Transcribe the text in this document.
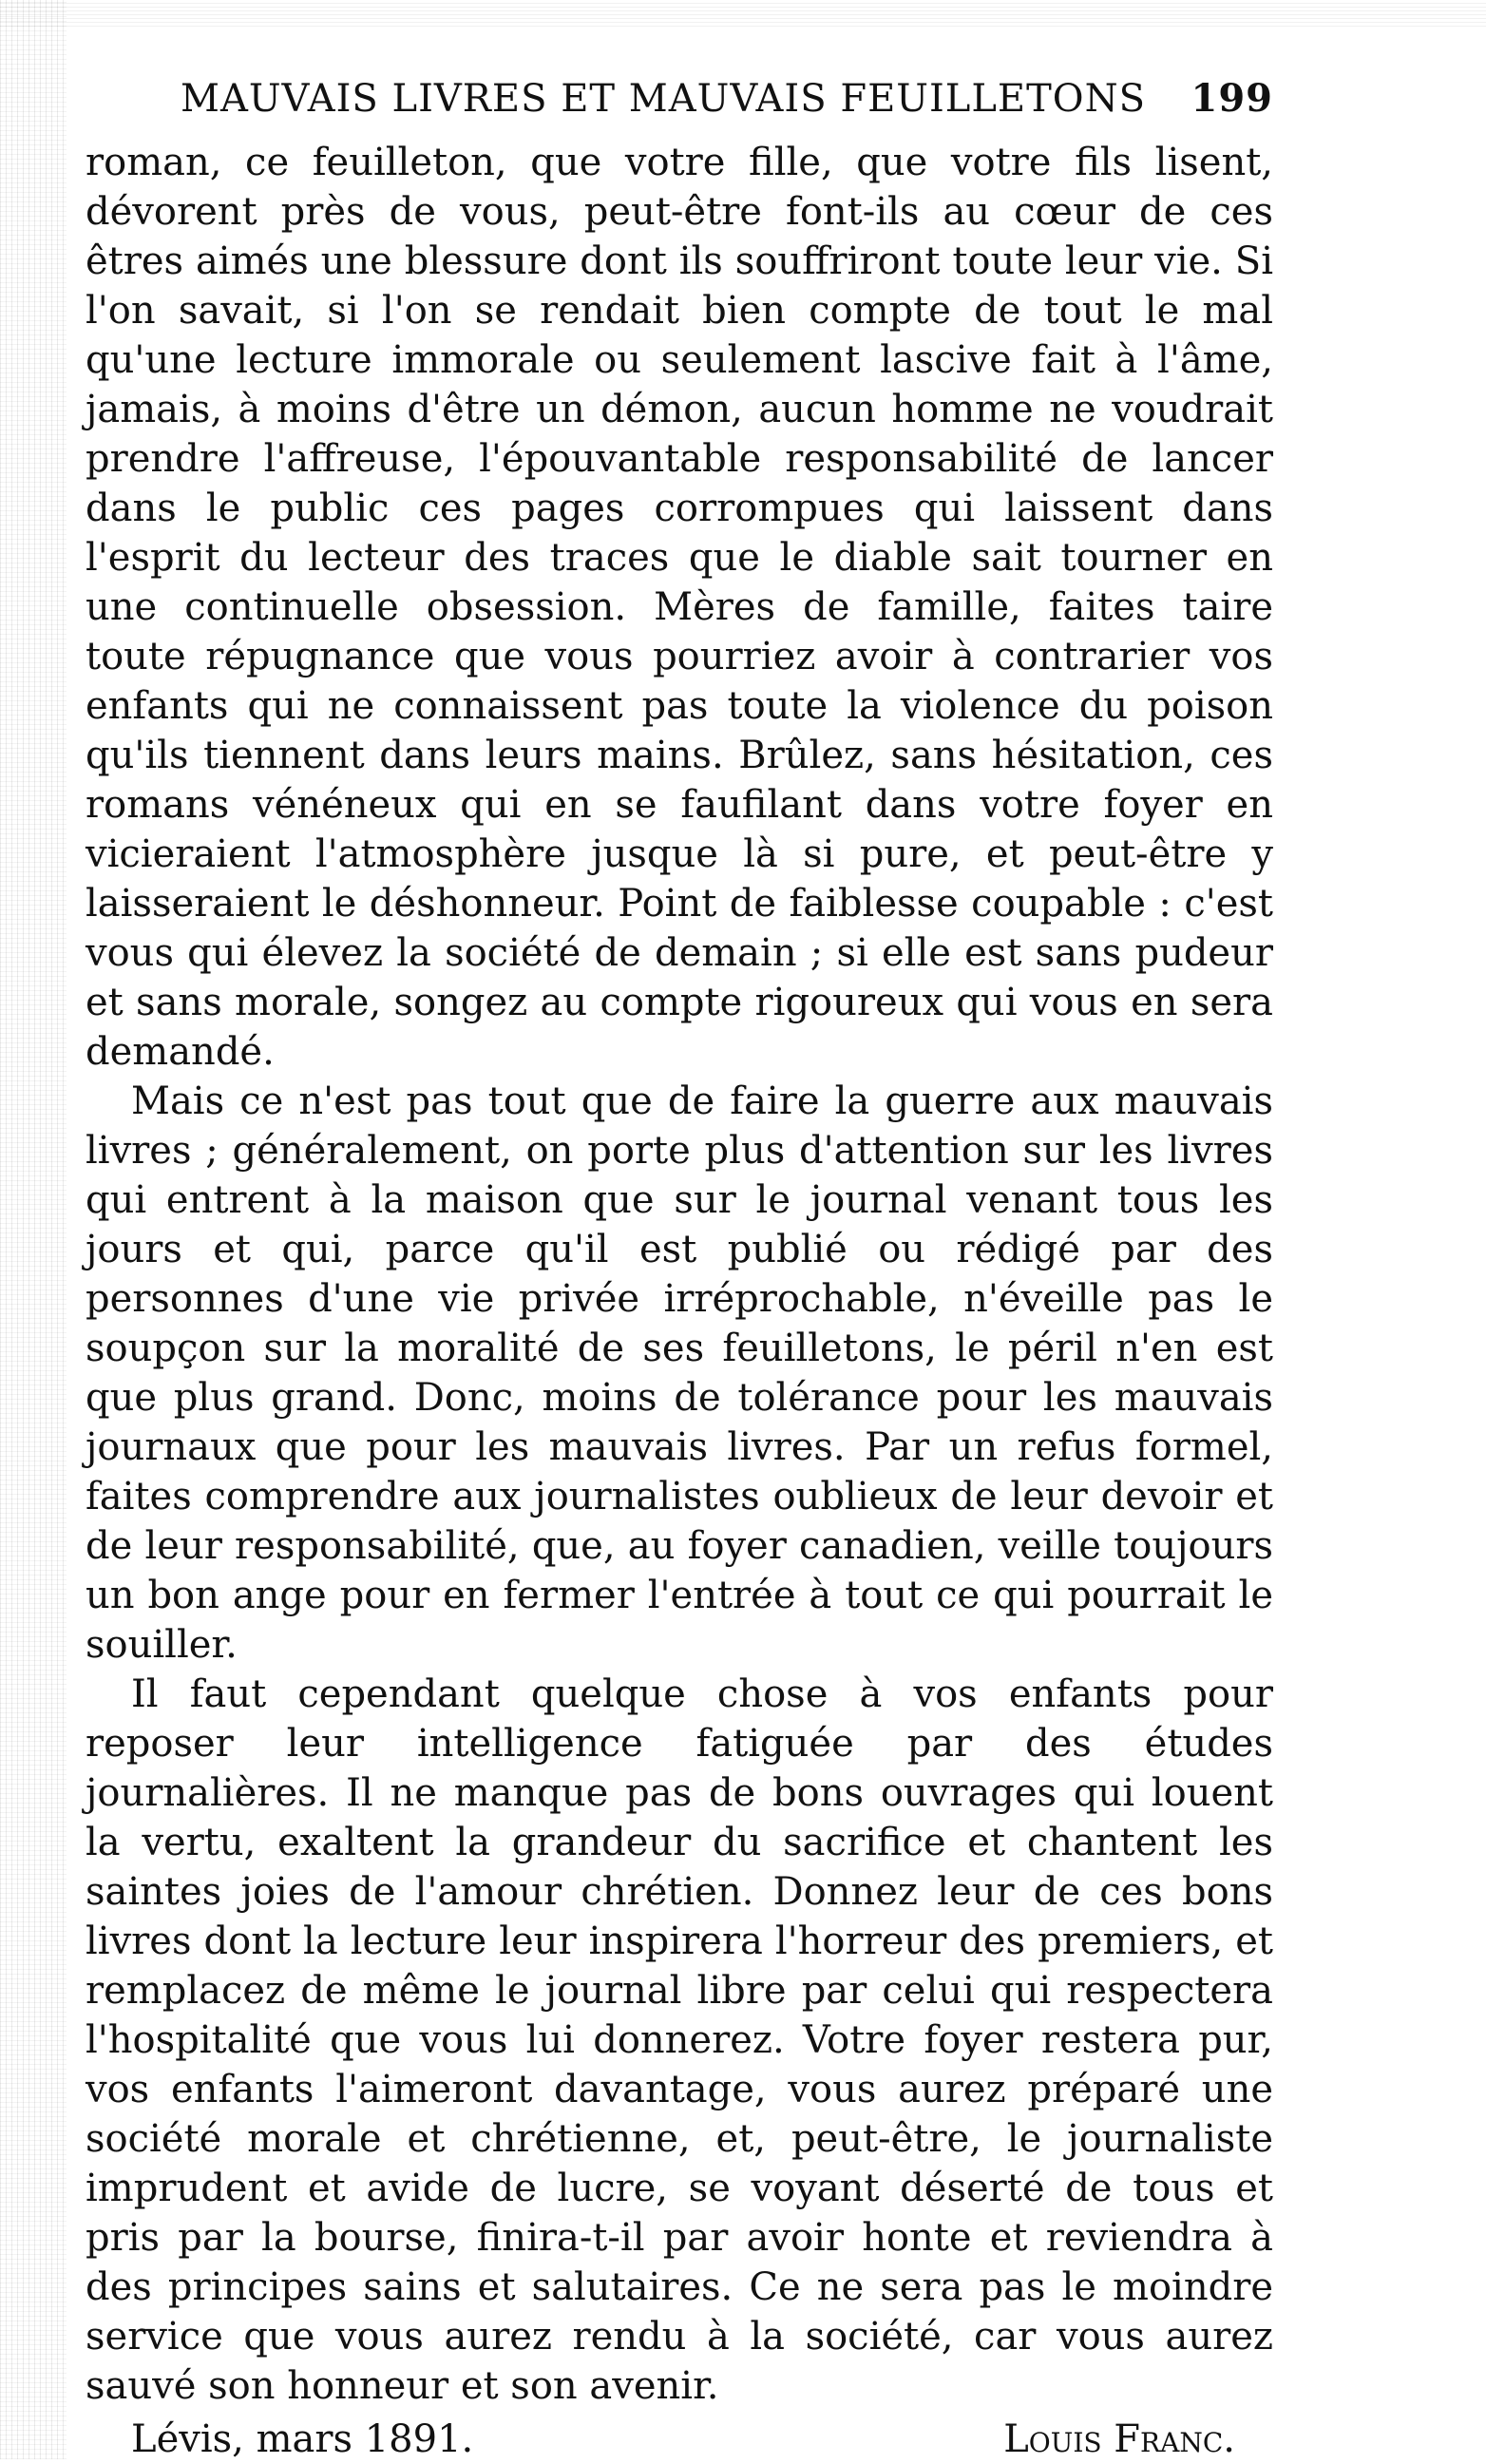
MAUVAIS LIVRES ET MAUVAIS FEUILLETONS 199

roman, ce feuilleton, que votre fille, que votre fils lisent, dévorent près de vous, peut-être font-ils au cœur de ces êtres aimés une blessure dont ils souffriront toute leur vie. Si l'on savait, si l'on se rendait bien compte de tout le mal qu'une lecture immorale ou seulement lascive fait à l'âme, jamais, à moins d'être un démon, aucun homme ne voudrait prendre l'affreuse, l'épouvantable responsabilité de lancer dans le public ces pages corrompues qui laissent dans l'esprit du lecteur des traces que le diable sait tourner en une continuelle obsession. Mères de famille, faites taire toute répugnance que vous pourriez avoir à contrarier vos enfants qui ne connaissent pas toute la violence du poison qu'ils tiennent dans leurs mains. Brûlez, sans hésitation, ces romans vénéneux qui en se faufilant dans votre foyer en vicieraient l'atmosphère jusque là si pure, et peut-être y laisseraient le déshonneur. Point de faiblesse coupable : c'est vous qui élevez la société de demain ; si elle est sans pudeur et sans morale, songez au compte rigoureux qui vous en sera demandé.

Mais ce n'est pas tout que de faire la guerre aux mauvais livres ; généralement, on porte plus d'attention sur les livres qui entrent à la maison que sur le journal venant tous les jours et qui, parce qu'il est publié ou rédigé par des personnes d'une vie privée irréprochable, n'éveille pas le soupçon sur la moralité de ses feuilletons, le péril n'en est que plus grand. Donc, moins de tolérance pour les mauvais journaux que pour les mauvais livres. Par un refus formel, faites comprendre aux journalistes oublieux de leur devoir et de leur responsabilité, que, au foyer canadien, veille toujours un bon ange pour en fermer l'entrée à tout ce qui pourrait le souiller.

Il faut cependant quelque chose à vos enfants pour reposer leur intelligence fatiguée par des études journalières. Il ne manque pas de bons ouvrages qui louent la vertu, exaltent la grandeur du sacrifice et chantent les saintes joies de l'amour chrétien. Donnez leur de ces bons livres dont la lecture leur inspirera l'horreur des premiers, et remplacez de même le journal libre par celui qui respectera l'hospitalité que vous lui donnerez. Votre foyer restera pur, vos enfants l'aimeront davantage, vous aurez préparé une société morale et chrétienne, et, peut-être, le journaliste imprudent et avide de lucre, se voyant déserté de tous et pris par la bourse, finira-t-il par avoir honte et reviendra à des principes sains et salutaires. Ce ne sera pas le moindre service que vous aurez rendu à la société, car vous aurez sauvé son honneur et son avenir.

Lévis, mars 1891.	Louis Franc.
